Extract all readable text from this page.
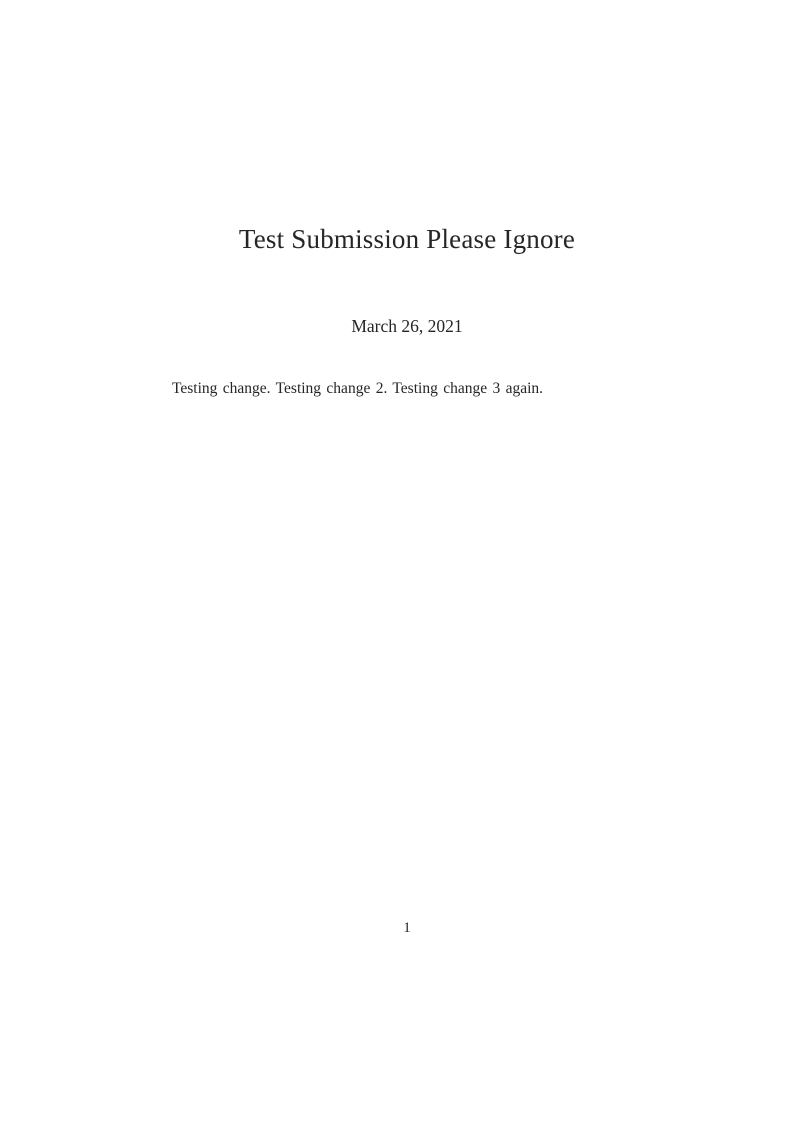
Test Submission Please Ignore
March 26, 2021

Testing change. Testing change 2. Testing change 3 again.

1
